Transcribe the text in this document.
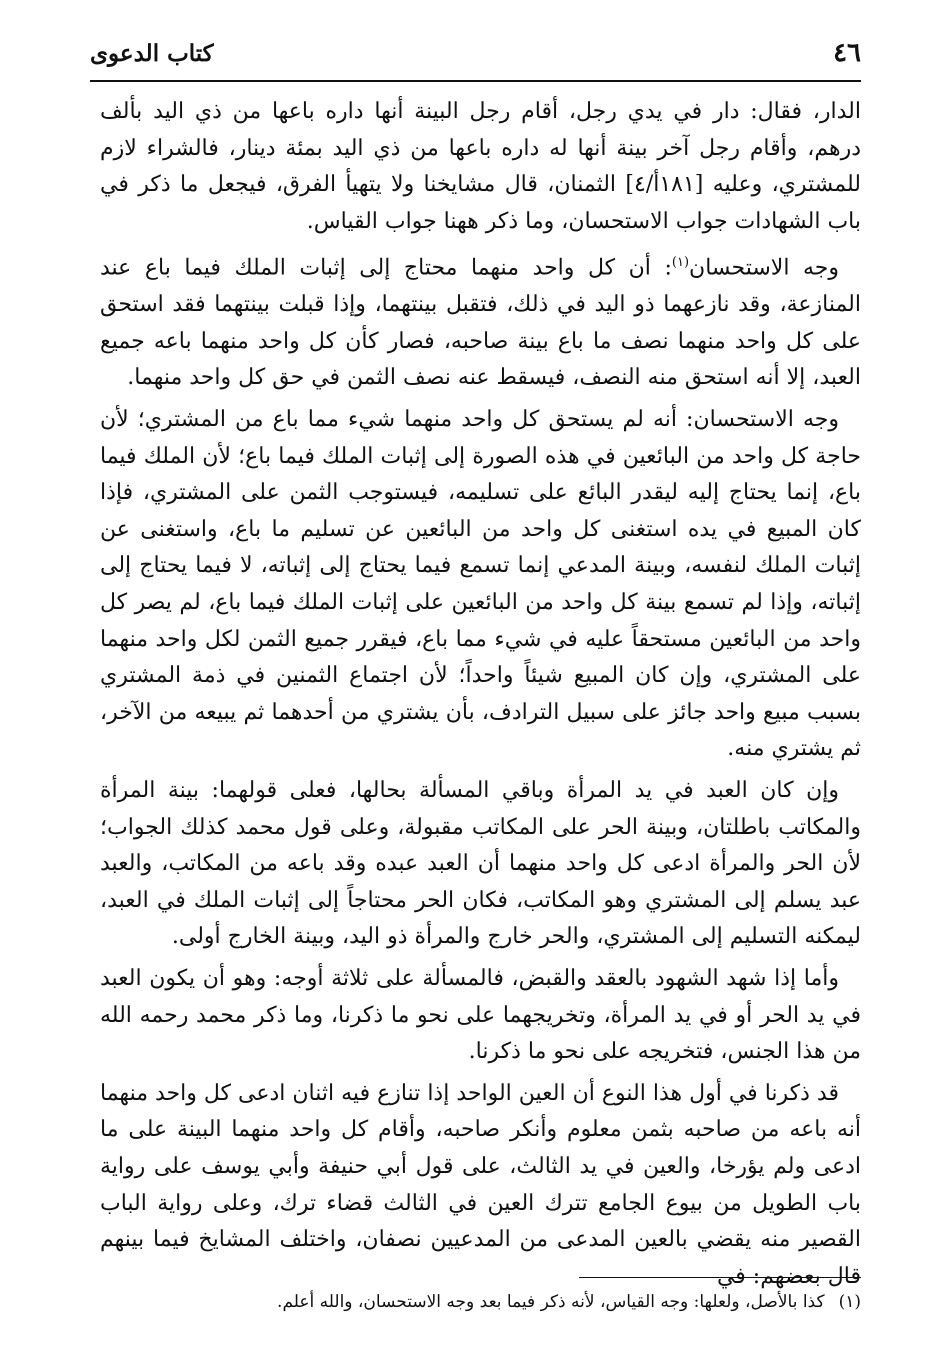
٤٦
كتاب الدعوى

الدار، فقال: دار في يدي رجل، أقام رجل البينة أنها داره باعها من ذي اليد بألف درهم، وأقام رجل آخر بينة أنها له داره باعها من ذي اليد بمئة دينار، فالشراء لازم للمشتري، وعليه [١٨١أ/٤] الثمنان، قال مشايخنا ولا يتهيأ الفرق، فيجعل ما ذكر في باب الشهادات جواب الاستحسان، وما ذكر ههنا جواب القياس.

وجه الاستحسان$^{(١)}$: أن كل واحد منهما محتاج إلى إثبات الملك فيما باع عند المنازعة، وقد نازعهما ذو اليد في ذلك، فتقبل بينتهما، وإذا قبلت بينتهما فقد استحق على كل واحد منهما نصف ما باع بينة صاحبه، فصار كأن كل واحد منهما باعه جميع العبد، إلا أنه استحق منه النصف، فيسقط عنه نصف الثمن في حق كل واحد منهما.

وجه الاستحسان: أنه لم يستحق كل واحد منهما شيء مما باع من المشتري؛ لأن حاجة كل واحد من البائعين في هذه الصورة إلى إثبات الملك فيما باع؛ لأن الملك فيما باع، إنما يحتاج إليه ليقدر البائع على تسليمه، فيستوجب الثمن على المشتري، فإذا كان المبيع في يده استغنى كل واحد من البائعين عن تسليم ما باع، واستغنى عن إثبات الملك لنفسه، وبينة المدعي إنما تسمع فيما يحتاج إلى إثباته، لا فيما يحتاج إلى إثباته، وإذا لم تسمع بينة كل واحد من البائعين على إثبات الملك فيما باع، لم يصر كل واحد من البائعين مستحقاً عليه في شيء مما باع، فيقرر جميع الثمن لكل واحد منهما على المشتري، وإن كان المبيع شيئاً واحداً؛ لأن اجتماع الثمنين في ذمة المشتري بسبب مبيع واحد جائز على سبيل الترادف، بأن يشتري من أحدهما ثم يبيعه من الآخر، ثم يشتري منه.

وإن كان العبد في يد المرأة وباقي المسألة بحالها، فعلى قولهما: بينة المرأة والمكاتب باطلتان، وبينة الحر على المكاتب مقبولة، وعلى قول محمد كذلك الجواب؛ لأن الحر والمرأة ادعى كل واحد منهما أن العبد عبده وقد باعه من المكاتب، والعبد عبد يسلم إلى المشتري وهو المكاتب، فكان الحر محتاجاً إلى إثبات الملك في العبد، ليمكنه التسليم إلى المشتري، والحر خارج والمرأة ذو اليد، وبينة الخارج أولى.

وأما إذا شهد الشهود بالعقد والقبض، فالمسألة على ثلاثة أوجه: وهو أن يكون العبد في يد الحر أو في يد المرأة، وتخريجهما على نحو ما ذكرنا، وما ذكر محمد رحمه الله من هذا الجنس، فتخريجه على نحو ما ذكرنا.

قد ذكرنا في أول هذا النوع أن العين الواحد إذا تنازع فيه اثنان ادعى كل واحد منهما أنه باعه من صاحبه بثمن معلوم وأنكر صاحبه، وأقام كل واحد منهما البينة على ما ادعى ولم يؤرخا، والعين في يد الثالث، على قول أبي حنيفة وأبي يوسف على رواية باب الطويل من بيوع الجامع تترك العين في الثالث قضاء ترك، وعلى رواية الباب القصير منه يقضي بالعين المدعى من المدعيين نصفان، واختلف المشايخ فيما بينهم قال بعضهم: في

(١)كذا بالأصل، ولعلها: وجه القياس، لأنه ذكر فيما بعد وجه الاستحسان، والله أعلم.
